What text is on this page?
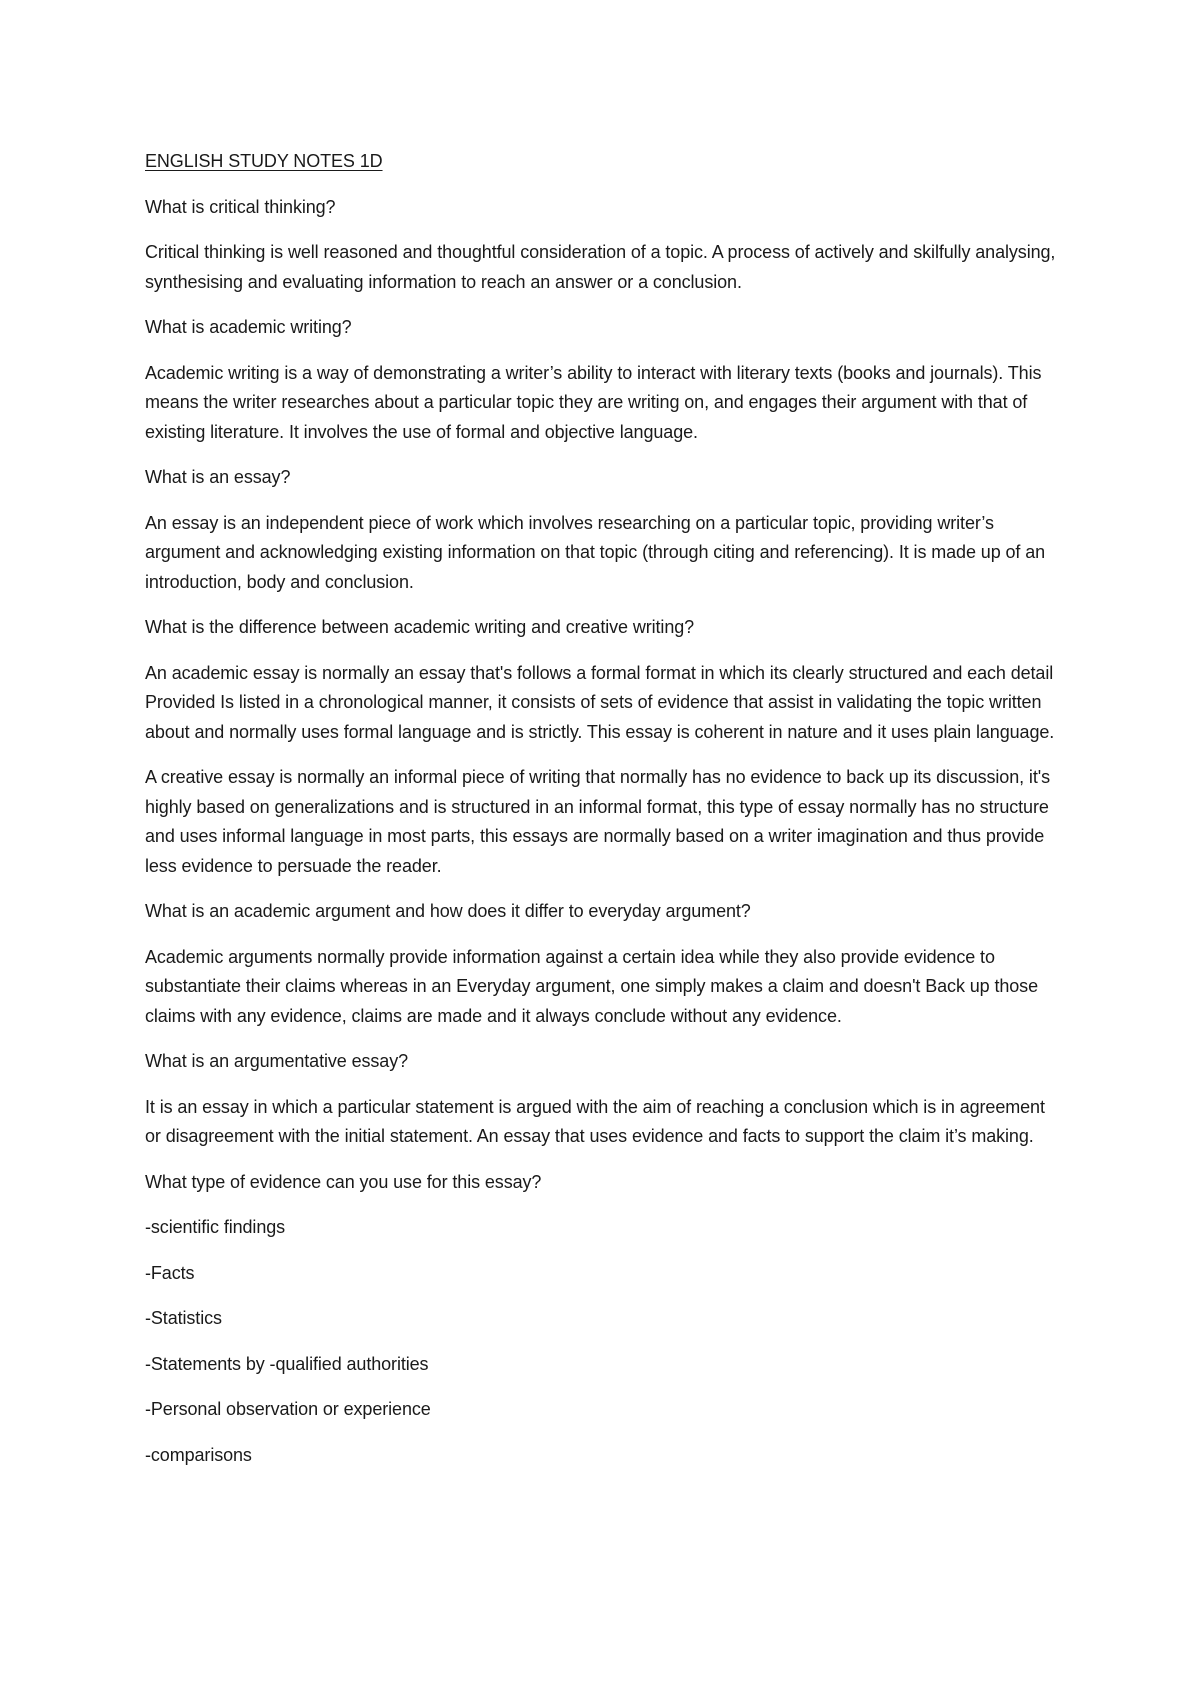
ENGLISH STUDY NOTES 1D

What is critical thinking?

Critical thinking is well reasoned and thoughtful consideration of a topic. A process of actively and skilfully analysing, synthesising and evaluating information to reach an answer or a conclusion.

What is academic writing?

Academic writing is a way of demonstrating a writer’s ability to interact with literary texts (books and journals). This means the writer researches about a particular topic they are writing on, and engages their argument with that of existing literature. It involves the use of formal and objective language.

What is an essay?

An essay is an independent piece of work which involves researching on a particular topic, providing writer’s argument and acknowledging existing information on that topic (through citing and referencing). It is made up of an introduction, body and conclusion.

What is the difference between academic writing and creative writing?

An academic essay is normally an essay that's follows a formal format in which its clearly structured and each detail Provided Is listed in a chronological manner, it consists of sets of evidence that assist in validating the topic written about and normally uses formal language and is strictly. This essay is coherent in nature and it uses plain language.

A creative essay is normally an informal piece of writing that normally has no evidence to back up its discussion, it's highly based on generalizations and is structured in an informal format, this type of essay normally has no structure and uses informal language in most parts, this essays are normally based on a writer imagination and thus provide less evidence to persuade the reader.

What is an academic argument and how does it differ to everyday argument?

Academic arguments normally provide information against a certain idea while they also provide evidence to substantiate their claims whereas in an Everyday argument, one simply makes a claim and doesn't Back up those claims with any evidence, claims are made and it always conclude without any evidence.

What is an argumentative essay?

It is an essay in which a particular statement is argued with the aim of reaching a conclusion which is in agreement or disagreement with the initial statement. An essay that uses evidence and facts to support the claim it’s making.

What type of evidence can you use for this essay?

-scientific findings
-Facts
-Statistics
-Statements by -qualified authorities
-Personal observation or experience
-comparisons
